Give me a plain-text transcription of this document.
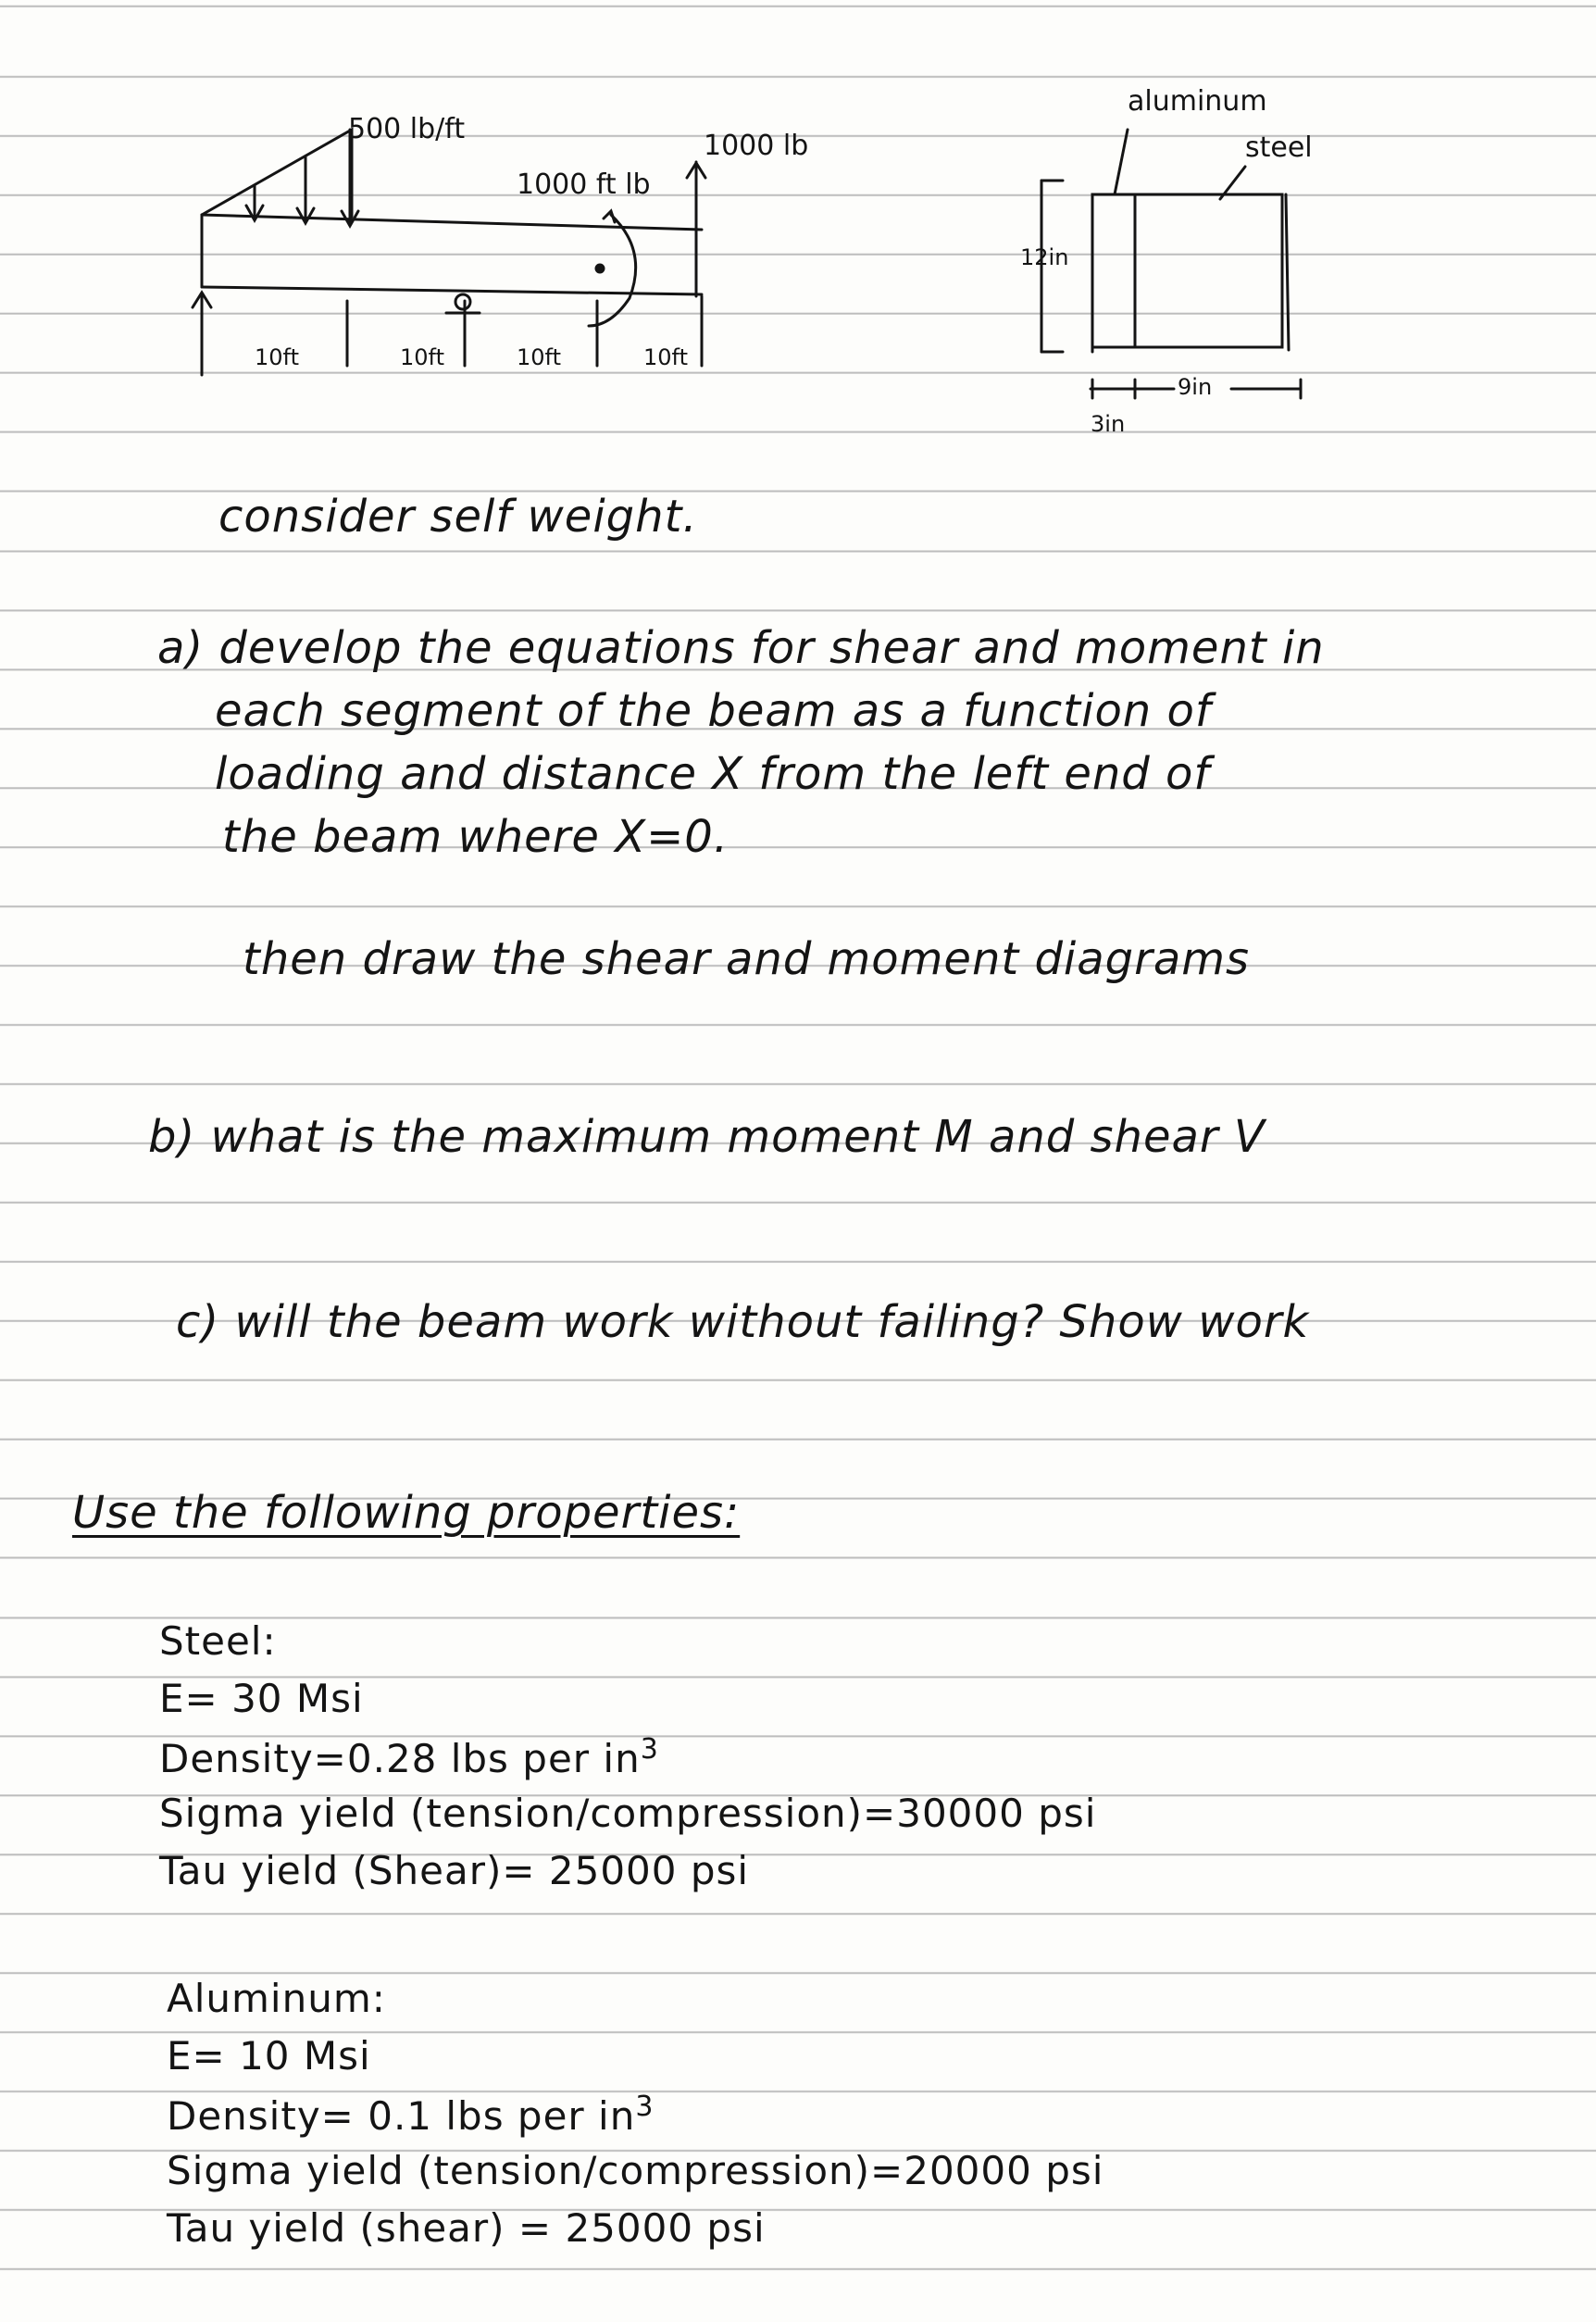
500 lb/ft
1000 lb
1000 ft lb
10ft	10ft	10ft	10ft
aluminum
steel
12in
9in
3in
consider self weight.
a) develop the equations for shear and moment in
each segment of the beam as a function of
loading and distance X from the left end of
the beam where X=0.
then draw the shear and moment diagrams
b) what is the maximum moment M and shear V
c) will the beam work without failing? Show work
Use the following properties:
Steel:
E= 30 Msi
Density=0.28 lbs per $in^3$
Sigma yield (tension/compression)=30000 psi
Tau yield (Shear)= 25000 psi
Aluminum:
E= 10 Msi
Density= 0.1 lbs per $in^3$
Sigma yield (tension/compression)=20000 psi
Tau yield (shear) = 25000 psi
